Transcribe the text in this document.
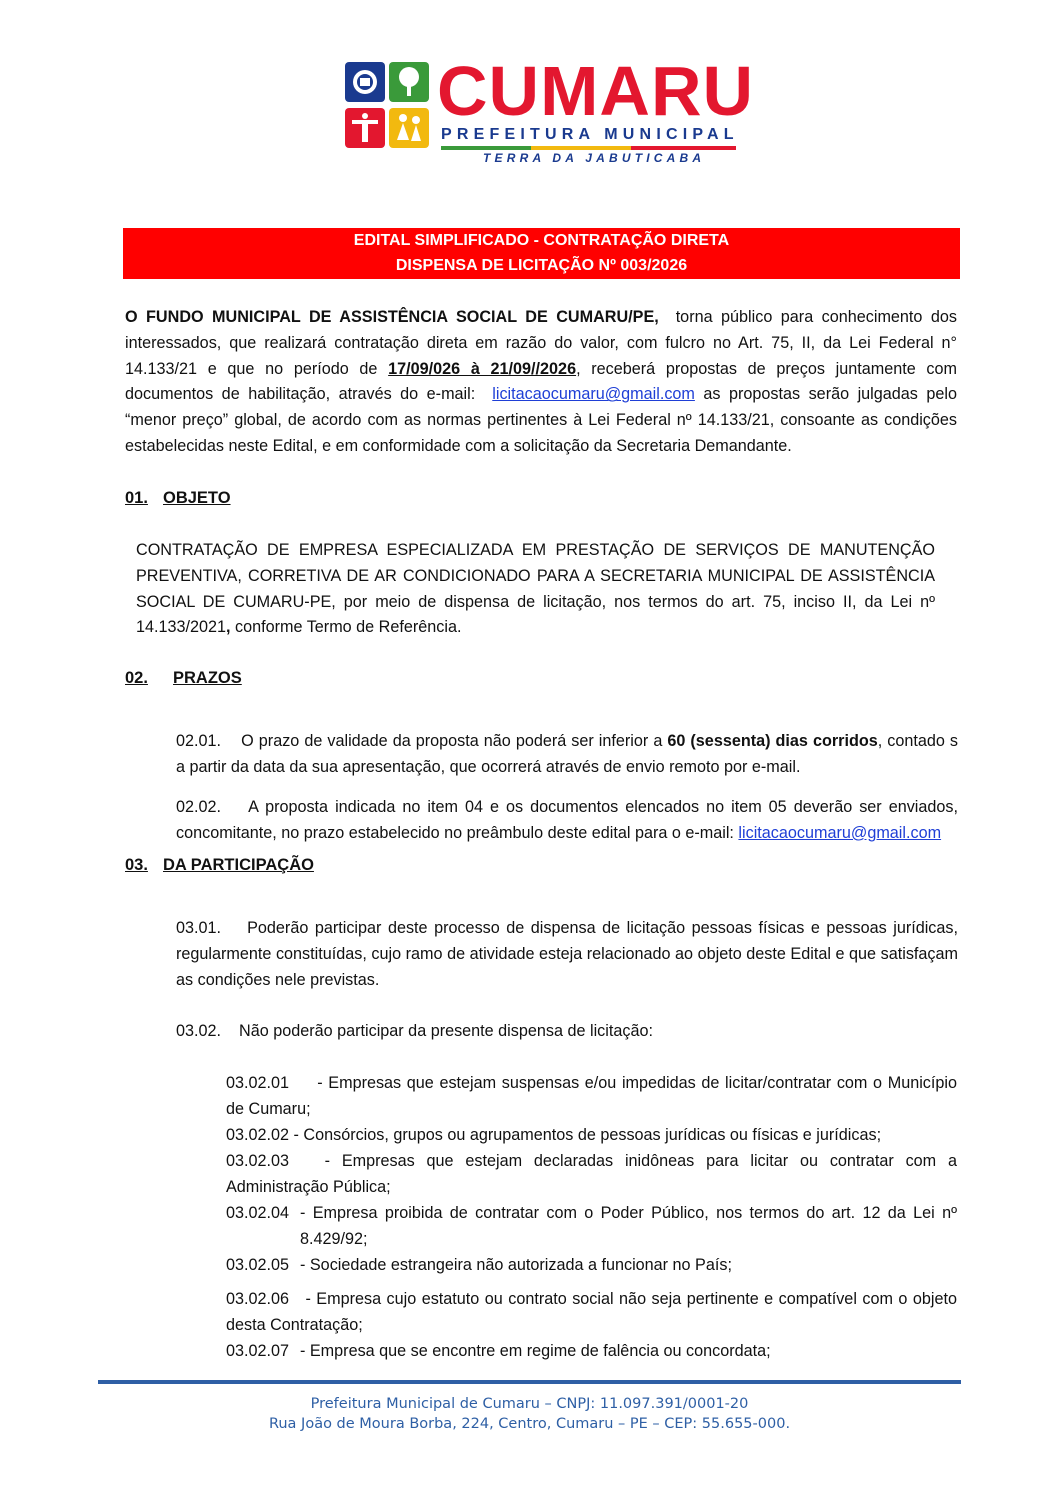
CUMARU
PREFEITURA MUNICIPAL
TERRA DA JABUTICABA
EDITAL SIMPLIFICADO - CONTRATAÇÃO DIRETA
DISPENSA DE LICITAÇÃO Nº 003/2026
O FUNDO MUNICIPAL DE ASSISTÊNCIA SOCIAL DE CUMARU/PE, torna público para conhecimento dos interessados, que realizará contratação direta em razão do valor, com fulcro no Art. 75, II, da Lei Federal n° 14.133/21 e que no período de 17/09/026 à 21/09//2026, receberá propostas de preços juntamente com documentos de habilitação, através do e-mail: licitacaocumaru@gmail.com as propostas serão julgadas pelo “menor preço” global, de acordo com as normas pertinentes à Lei Federal nº 14.133/21, consoante as condições estabelecidas neste Edital, e em conformidade com a solicitação da Secretaria Demandante.
01. OBJETO
CONTRATAÇÃO DE EMPRESA ESPECIALIZADA EM PRESTAÇÃO DE SERVIÇOS DE MANUTENÇÃO PREVENTIVA, CORRETIVA DE AR CONDICIONADO PARA A SECRETARIA MUNICIPAL DE ASSISTÊNCIA SOCIAL DE CUMARU-PE, por meio de dispensa de licitação, nos termos do art. 75, inciso II, da Lei nº 14.133/2021, conforme Termo de Referência.
02. PRAZOS
02.01. O prazo de validade da proposta não poderá ser inferior a 60 (sessenta) dias corridos, contado s a partir da data da sua apresentação, que ocorrerá através de envio remoto por e-mail.
02.02. A proposta indicada no item 04 e os documentos elencados no item 05 deverão ser enviados, concomitante, no prazo estabelecido no preâmbulo deste edital para o e-mail: licitacaocumaru@gmail.com
03. DA PARTICIPAÇÃO
03.01. Poderão participar deste processo de dispensa de licitação pessoas físicas e pessoas jurídicas, regularmente constituídas, cujo ramo de atividade esteja relacionado ao objeto deste Edital e que satisfaçam as condições nele previstas.
03.02. Não poderão participar da presente dispensa de licitação:
03.02.01 - Empresas que estejam suspensas e/ou impedidas de licitar/contratar com o Município de Cumaru;
03.02.02 - Consórcios, grupos ou agrupamentos de pessoas jurídicas ou físicas e jurídicas;
03.02.03 - Empresas que estejam declaradas inidôneas para licitar ou contratar com a Administração Pública;
03.02.04 - Empresa proibida de contratar com o Poder Público, nos termos do art. 12 da Lei nº 8.429/92;
03.02.05 - Sociedade estrangeira não autorizada a funcionar no País;
03.02.06 - Empresa cujo estatuto ou contrato social não seja pertinente e compatível com o objeto desta Contratação;
03.02.07 - Empresa que se encontre em regime de falência ou concordata;
Prefeitura Municipal de Cumaru – CNPJ: 11.097.391/0001-20
Rua João de Moura Borba, 224, Centro, Cumaru – PE – CEP: 55.655-000.
